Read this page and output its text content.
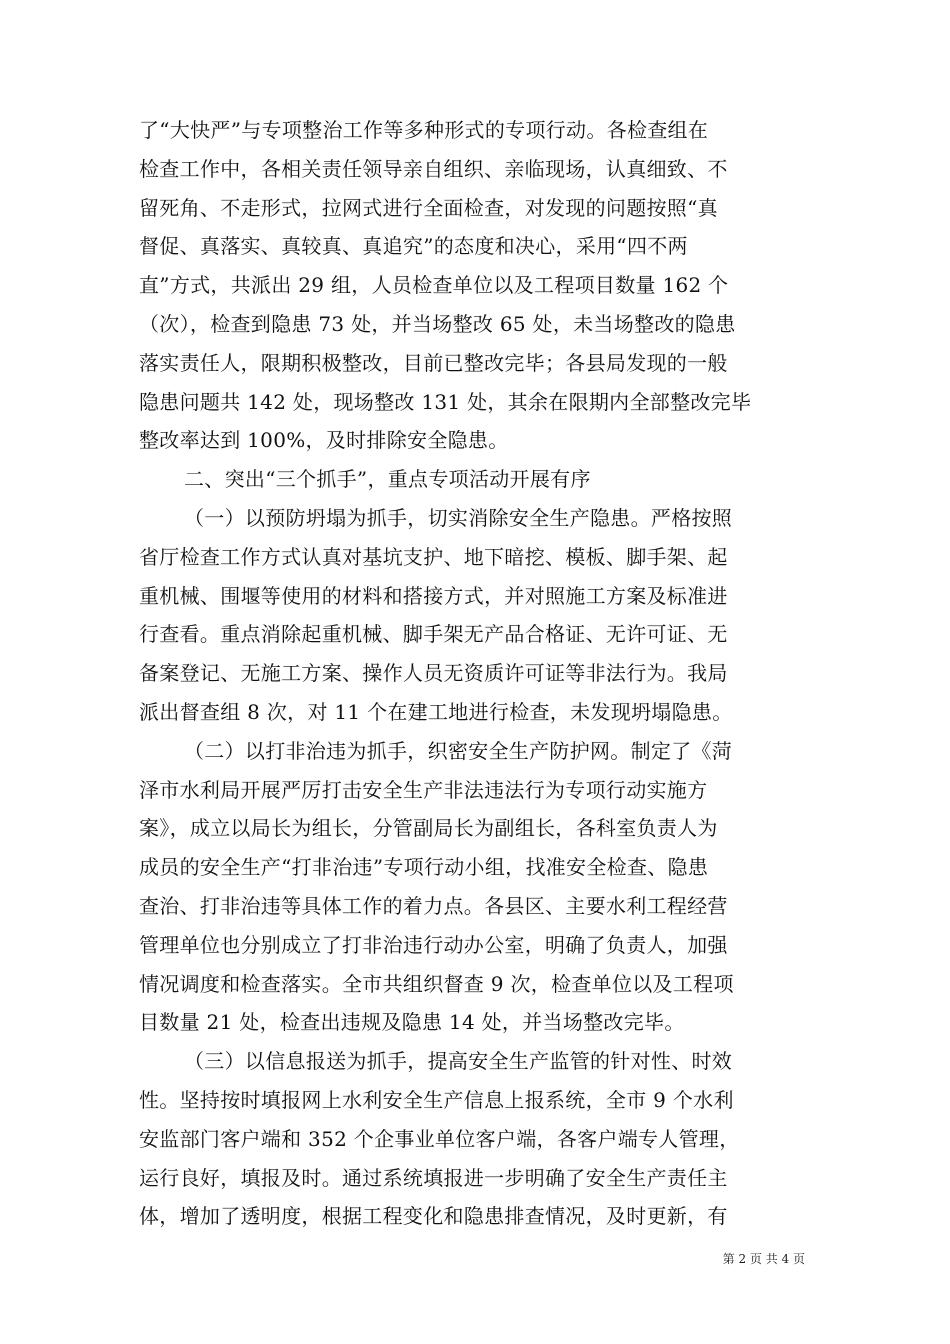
了“大快严”与专项整治工作等多种形式的专项行动。各检查组在
检查工作中，各相关责任领导亲自组织、亲临现场，认真细致、不
留死角、不走形式，拉网式进行全面检查，对发现的问题按照“真
督促、真落实、真较真、真追究”的态度和决心，采用“四不两
直”方式，共派出 29 组，人员检查单位以及工程项目数量 162 个
（次），检查到隐患 73 处，并当场整改 65 处，未当场整改的隐患
落实责任人，限期积极整改，目前已整改完毕；各县局发现的一般
隐患问题共 142 处，现场整改 131 处，其余在限期内全部整改完毕
整改率达到 100%，及时排除安全隐患。
二、突出“三个抓手”，重点专项活动开展有序
（一）以预防坍塌为抓手，切实消除安全生产隐患。严格按照
省厅检查工作方式认真对基坑支护、地下暗挖、模板、脚手架、起
重机械、围堰等使用的材料和搭接方式，并对照施工方案及标准进
行查看。重点消除起重机械、脚手架无产品合格证、无许可证、无
备案登记、无施工方案、操作人员无资质许可证等非法行为。我局
派出督查组 8 次，对 11 个在建工地进行检查，未发现坍塌隐患。
（二）以打非治违为抓手，织密安全生产防护网。制定了《菏
泽市水利局开展严厉打击安全生产非法违法行为专项行动实施方
案》，成立以局长为组长，分管副局长为副组长，各科室负责人为
成员的安全生产“打非治违”专项行动小组，找准安全检查、隐患
查治、打非治违等具体工作的着力点。各县区、主要水利工程经营
管理单位也分别成立了打非治违行动办公室，明确了负责人，加强
情况调度和检查落实。全市共组织督查 9 次，检查单位以及工程项
目数量 21 处，检查出违规及隐患 14 处，并当场整改完毕。
（三）以信息报送为抓手，提高安全生产监管的针对性、时效
性。坚持按时填报网上水利安全生产信息上报系统，全市 9 个水利
安监部门客户端和 352 个企事业单位客户端，各客户端专人管理，
运行良好，填报及时。通过系统填报进一步明确了安全生产责任主
体，增加了透明度，根据工程变化和隐患排查情况，及时更新，有
第 2 页 共 4 页
